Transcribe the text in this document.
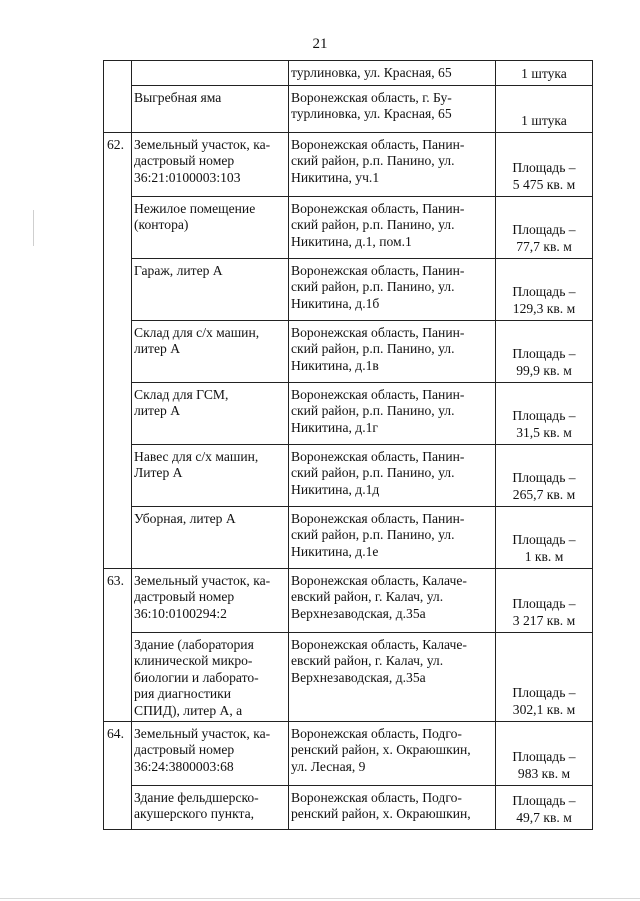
21

		турлиновка, ул. Красная, 65	1 штука

	Выгребная яма	Воронежская область, г. Бу-
турлиновка, ул. Красная, 65	1 штука

62.	Земельный участок, ка-
дастровый номер
36:21:0100003:103	Воронежская область, Панин-
ский район, р.п. Панино, ул.
Никитина, уч.1	Площадь –
5 475 кв. м

	Нежилое помещение
(контора)	Воронежская область, Панин-
ский район, р.п. Панино, ул.
Никитина, д.1, пом.1	Площадь –
77,7 кв. м

	Гараж, литер А	Воронежская область, Панин-
ский район, р.п. Панино, ул.
Никитина, д.1б	Площадь –
129,3 кв. м

	Склад для с/х машин,
литер А	Воронежская область, Панин-
ский район, р.п. Панино, ул.
Никитина, д.1в	Площадь –
99,9 кв. м

	Склад для ГСМ,
литер А	Воронежская область, Панин-
ский район, р.п. Панино, ул.
Никитина, д.1г	Площадь –
31,5 кв. м

	Навес для с/х машин,
Литер А	Воронежская область, Панин-
ский район, р.п. Панино, ул.
Никитина, д.1д	Площадь –
265,7 кв. м

	Уборная, литер А	Воронежская область, Панин-
ский район, р.п. Панино, ул.
Никитина, д.1е	Площадь –
1 кв. м

63.	Земельный участок, ка-
дастровый номер
36:10:0100294:2	Воронежская область, Калаче-
евский район, г. Калач, ул.
Верхнезаводская, д.35а	Площадь –
3 217 кв. м

	Здание (лаборатория
клинической микро-
биологии и лаборато-
рия диагностики
СПИД), литер А, а	Воронежская область, Калаче-
евский район, г. Калач, ул.
Верхнезаводская, д.35а	Площадь –
302,1 кв. м

64.	Земельный участок, ка-
дастровый номер
36:24:3800003:68	Воронежская область, Подго-
ренский район, х. Окраюшкин,
ул. Лесная, 9	Площадь –
983 кв. м

	Здание фельдшерско-
акушерского пункта,	Воронежская область, Подго-
ренский район, х. Окраюшкин,	Площадь –
49,7 кв. м
